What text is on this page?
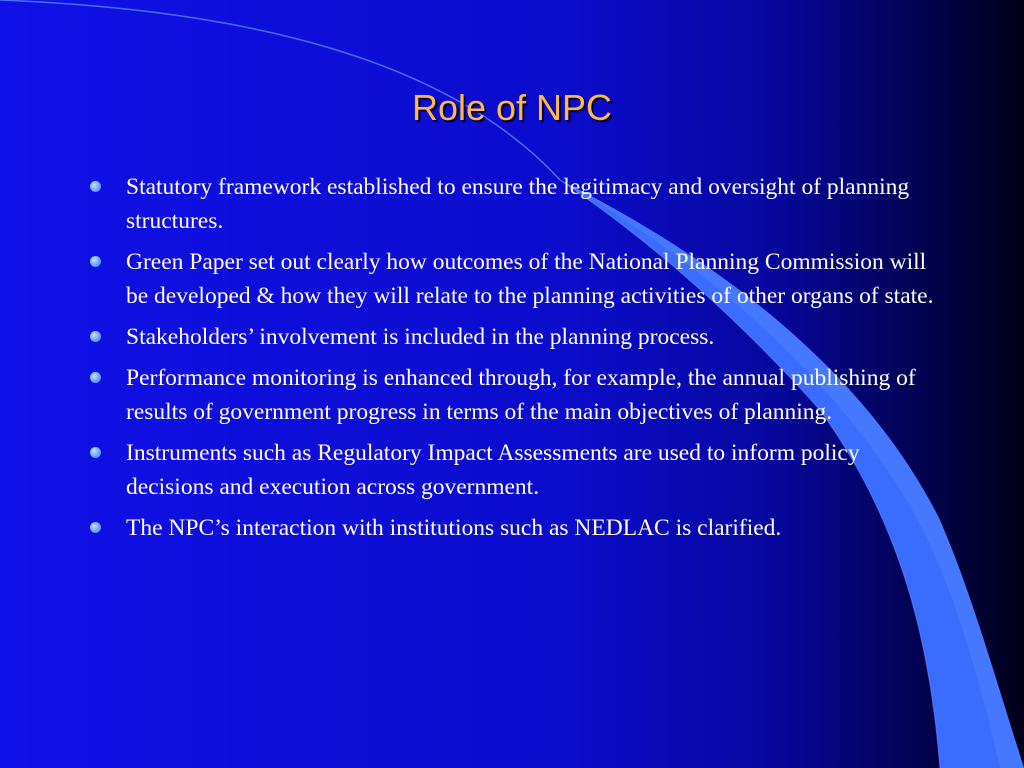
Role of NPC
Statutory framework established to ensure the legitimacy and oversight of planning structures.
Green Paper set out clearly how outcomes of the National Planning Commission will be developed & how they will relate to the planning activities of other organs of state.
Stakeholders’ involvement is included in the planning process.
Performance monitoring is enhanced through, for example, the annual publishing of results of government progress in terms of the main objectives of planning.
Instruments such as Regulatory Impact Assessments are used to inform policy decisions and execution across government.
The NPC’s interaction with institutions such as NEDLAC is clarified.
